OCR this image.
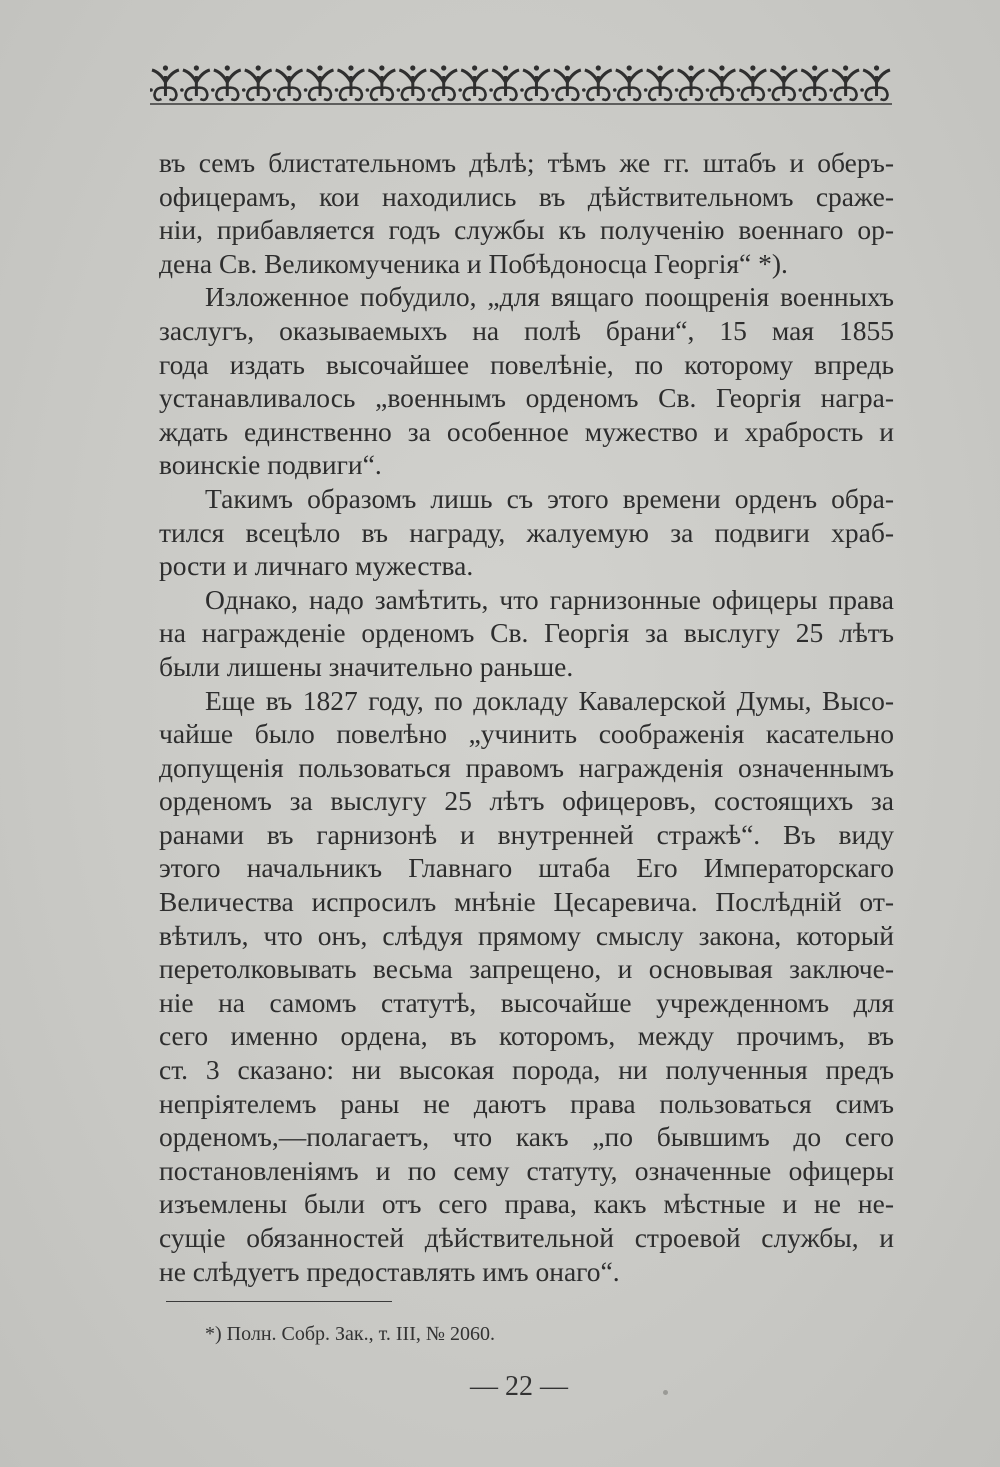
въ семъ блистательномъ дѣлѣ; тѣмъ же гг. штабъ и оберъ-
офицерамъ, кои находились въ дѣйствительномъ сраже-
нiи, прибавляется годъ службы къ полученiю военнаго ор-
дена Св. Великомученика и Побѣдоносца Георгiя“ *).
Изложенное побудило, „для вящаго поощренiя военныхъ
заслугъ, оказываемыхъ на полѣ брани“, 15 мая 1855
года издать высочайшее повелѣнiе, по которому впредь
устанавливалось „военнымъ орденомъ Св. Георгiя награ-
ждать единственно за особенное мужество и храбрость и
воинскiе подвиги“.
Такимъ образомъ лишь съ этого времени орденъ обра-
тился всецѣло въ награду, жалуемую за подвиги храб-
рости и личнаго мужества.
Однако, надо замѣтить, что гарнизонные офицеры права
на награжденiе орденомъ Св. Георгiя за выслугу 25 лѣтъ
были лишены значительно раньше.
Еще въ 1827 году, по докладу Кавалерской Думы, Высо-
чайше было повелѣно „учинить соображенiя касательно
допущенiя пользоваться правомъ награжденiя означеннымъ
орденомъ за выслугу 25 лѣтъ офицеровъ, состоящихъ за
ранами въ гарнизонѣ и внутренней стражѣ“. Въ виду
этого начальникъ Главнаго штаба Его Императорскаго
Величества испросилъ мнѣнiе Цесаревича. Послѣднiй от-
вѣтилъ, что онъ, слѣдуя прямому смыслу закона, который
перетолковывать весьма запрещено, и основывая заключе-
нiе на самомъ статутѣ, высочайше учрежденномъ для
сего именно ордена, въ которомъ, между прочимъ, въ
ст. 3 сказано: ни высокая порода, ни полученныя предъ
непрiятелемъ раны не даютъ права пользоваться симъ
орденомъ,—полагаетъ, что какъ „по бывшимъ до сего
постановленiямъ и по сему статуту, означенные офицеры
изъемлены были отъ сего права, какъ мѣстные и не не-
сущiе обязанностей дѣйствительной строевой службы, и
не слѣдуетъ предоставлять имъ онаго“.
*) Полн. Собр. Зак., т. III, № 2060.
— 22 —
